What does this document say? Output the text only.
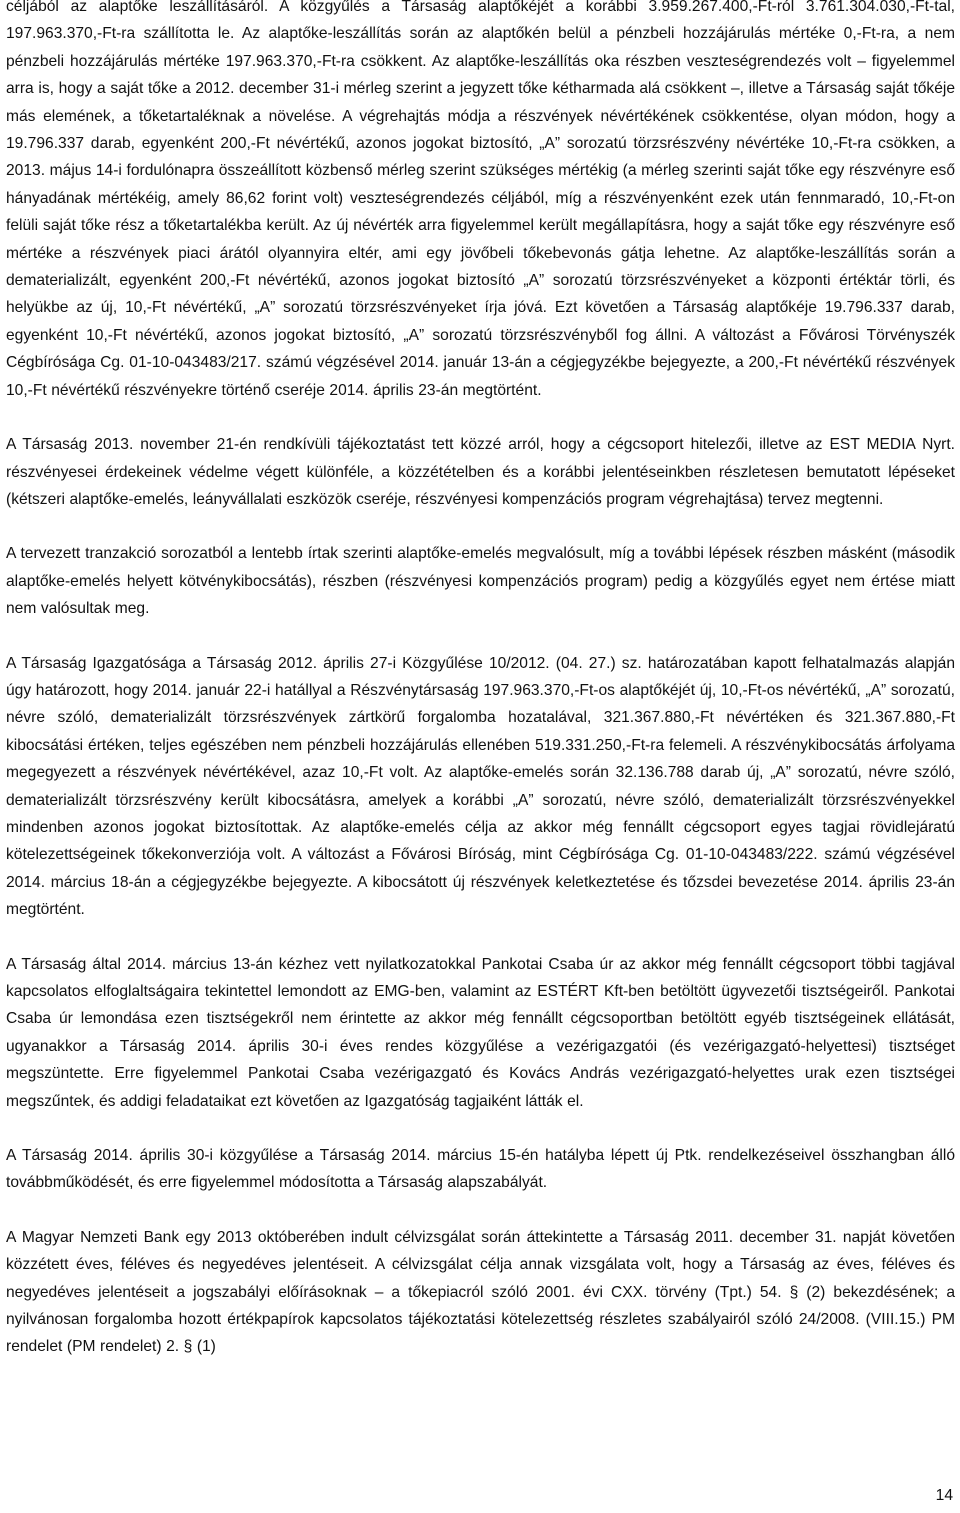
céljából az alaptőke leszállításáról. A közgyűlés a Társaság alaptőkéjét a korábbi 3.959.267.400,-Ft-ról 3.761.304.030,-Ft-tal, 197.963.370,-Ft-ra szállította le. Az alaptőke-leszállítás során az alaptőkén belül a pénzbeli hozzájárulás mértéke 0,-Ft-ra, a nem pénzbeli hozzájárulás mértéke 197.963.370,-Ft-ra csökkent. Az alaptőke-leszállítás oka részben veszteségrendezés volt – figyelemmel arra is, hogy a saját tőke a 2012. december 31-i mérleg szerint a jegyzett tőke kétharmada alá csökkent –, illetve a Társaság saját tőkéje más elemének, a tőketartaléknak a növelése. A végrehajtás módja a részvények névértékének csökkentése, olyan módon, hogy a 19.796.337 darab, egyenként 200,-Ft névértékű, azonos jogokat biztosító, „A” sorozatú törzsrészvény névértéke 10,-Ft-ra csökken, a 2013. május 14-i fordulónapra összeállított közbenső mérleg szerint szükséges mértékig (a mérleg szerinti saját tőke egy részvényre eső hányadának mértékéig, amely 86,62 forint volt) veszteségrendezés céljából, míg a részvényenként ezek után fennmaradó, 10,-Ft-on felüli saját tőke rész a tőketartalékba került. Az új névérték arra figyelemmel került megállapításra, hogy a saját tőke egy részvényre eső mértéke a részvények piaci árától olyannyira eltér, ami egy jövőbeli tőkebevonás gátja lehetne. Az alaptőke-leszállítás során a dematerializált, egyenként 200,-Ft névértékű, azonos jogokat biztosító „A” sorozatú törzsrészvényeket a központi értéktár törli, és helyükbe az új, 10,-Ft névértékű, „A” sorozatú törzsrészvényeket írja jóvá. Ezt követően a Társaság alaptőkéje 19.796.337 darab, egyenként 10,-Ft névértékű, azonos jogokat biztosító, „A” sorozatú törzsrészvényből fog állni. A változást a Fővárosi Törvényszék Cégbírósága Cg. 01-10-043483/217. számú végzésével 2014. január 13-án a cégjegyzékbe bejegyezte, a 200,-Ft névértékű részvények 10,-Ft névértékű részvényekre történő cseréje 2014. április 23-án megtörtént.

A Társaság 2013. november 21-én rendkívüli tájékoztatást tett közzé arról, hogy a cégcsoport hitelezői, illetve az EST MEDIA Nyrt. részvényesei érdekeinek védelme végett különféle, a közzétételben és a korábbi jelentéseinkben részletesen bemutatott lépéseket (kétszeri alaptőke-emelés, leányvállalati eszközök cseréje, részvényesi kompenzációs program végrehajtása) tervez megtenni.

A tervezett tranzakció sorozatból a lentebb írtak szerinti alaptőke-emelés megvalósult, míg a további lépések részben másként (második alaptőke-emelés helyett kötvénykibocsátás), részben (részvényesi kompenzációs program) pedig a közgyűlés egyet nem értése miatt nem valósultak meg.

A Társaság Igazgatósága a Társaság 2012. április 27-i Közgyűlése 10/2012. (04. 27.) sz. határozatában kapott felhatalmazás alapján úgy határozott, hogy 2014. január 22-i hatállyal a Részvénytársaság 197.963.370,-Ft-os alaptőkéjét új, 10,-Ft-os névértékű, „A” sorozatú, névre szóló, dematerializált törzsrészvények zártkörű forgalomba hozatalával, 321.367.880,-Ft névértéken és 321.367.880,-Ft kibocsátási értéken, teljes egészében nem pénzbeli hozzájárulás ellenében 519.331.250,-Ft-ra felemeli. A részvénykibocsátás árfolyama megegyezett a részvények névértékével, azaz 10,-Ft volt. Az alaptőke-emelés során 32.136.788 darab új, „A” sorozatú, névre szóló, dematerializált törzsrészvény került kibocsátásra, amelyek a korábbi „A” sorozatú, névre szóló, dematerializált törzsrészvényekkel mindenben azonos jogokat biztosítottak. Az alaptőke-emelés célja az akkor még fennállt cégcsoport egyes tagjai rövidlejáratú kötelezettségeinek tőkekonverziója volt. A változást a Fővárosi Bíróság, mint Cégbírósága Cg. 01-10-043483/222. számú végzésével 2014. március 18-án a cégjegyzékbe bejegyezte. A kibocsátott új részvények keletkeztetése és tőzsdei bevezetése 2014. április 23-án megtörtént.

A Társaság által 2014. március 13-án kézhez vett nyilatkozatokkal Pankotai Csaba úr az akkor még fennállt cégcsoport többi tagjával kapcsolatos elfoglaltságaira tekintettel lemondott az EMG-ben, valamint az ESTÉRT Kft-ben betöltött ügyvezetői tisztségeiről. Pankotai Csaba úr lemondása ezen tisztségekről nem érintette az akkor még fennállt cégcsoportban betöltött egyéb tisztségeinek ellátását, ugyanakkor a Társaság 2014. április 30-i éves rendes közgyűlése a vezérigazgatói (és vezérigazgató-helyettesi) tisztséget megszüntette. Erre figyelemmel Pankotai Csaba vezérigazgató és Kovács András vezérigazgató-helyettes urak ezen tisztségei megszűntek, és addigi feladataikat ezt követően az Igazgatóság tagjaiként látták el.

A Társaság 2014. április 30-i közgyűlése a Társaság 2014. március 15-én hatályba lépett új Ptk. rendelkezéseivel összhangban álló továbbműködését, és erre figyelemmel módosította a Társaság alapszabályát.

A Magyar Nemzeti Bank egy 2013 októberében indult célvizsgálat során áttekintette a Társaság 2011. december 31. napját követően közzétett éves, féléves és negyedéves jelentéseit. A célvizsgálat célja annak vizsgálata volt, hogy a Társaság az éves, féléves és negyedéves jelentéseit a jogszabályi előírásoknak – a tőkepiacról szóló 2001. évi CXX. törvény (Tpt.) 54. § (2) bekezdésének; a nyilvánosan forgalomba hozott értékpapírok kapcsolatos tájékoztatási kötelezettség részletes szabályairól szóló 24/2008. (VIII.15.) PM rendelet (PM rendelet) 2. § (1)

14
